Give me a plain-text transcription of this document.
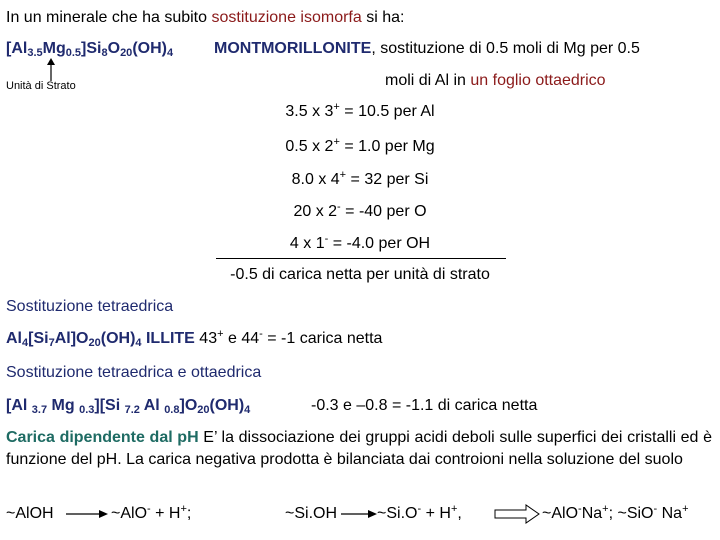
In un minerale che ha subito sostituzione isomorfa si ha:
$[Al_{3.5}Mg_{0.5}]Si_8O_{20}(OH)_4$	MONTMORILLONITE, sostituzione di 0.5 moli di Mg per 0.5
Unità di Strato	moli di Al in un foglio ottaedrico
3.5 x 3+ = 10.5 per Al
0.5 x 2+ = 1.0 per Mg
8.0 x 4+ = 32 per Si
20 x 2- = -40 per O
4 x 1- = -4.0 per OH
-0.5 di carica netta per unità di strato
Sostituzione tetraedrica
$Al_4[Si_7Al]O_{20}(OH)_4$ ILLITE 43+ e 44- = -1 carica netta
Sostituzione tetraedrica e ottaedrica
[Al $_{3.7}$ Mg $_{0.3}$][Si $_{7.2}$ Al $_{0.8}]O_{20}(OH)_4$	-0.3 e –0.8 = -1.1 di carica netta
Carica dipendente dal pH E’ la dissociazione dei gruppi acidi deboli sulle superfici dei cristalli ed è funzione del pH. La carica negativa prodotta è bilanciata dai controioni nella soluzione del suolo
~AlOH	~AlO- + H+;	~Si.OH ~Si.O- + H+,	~AlO-Na+; ~SiO- Na+
